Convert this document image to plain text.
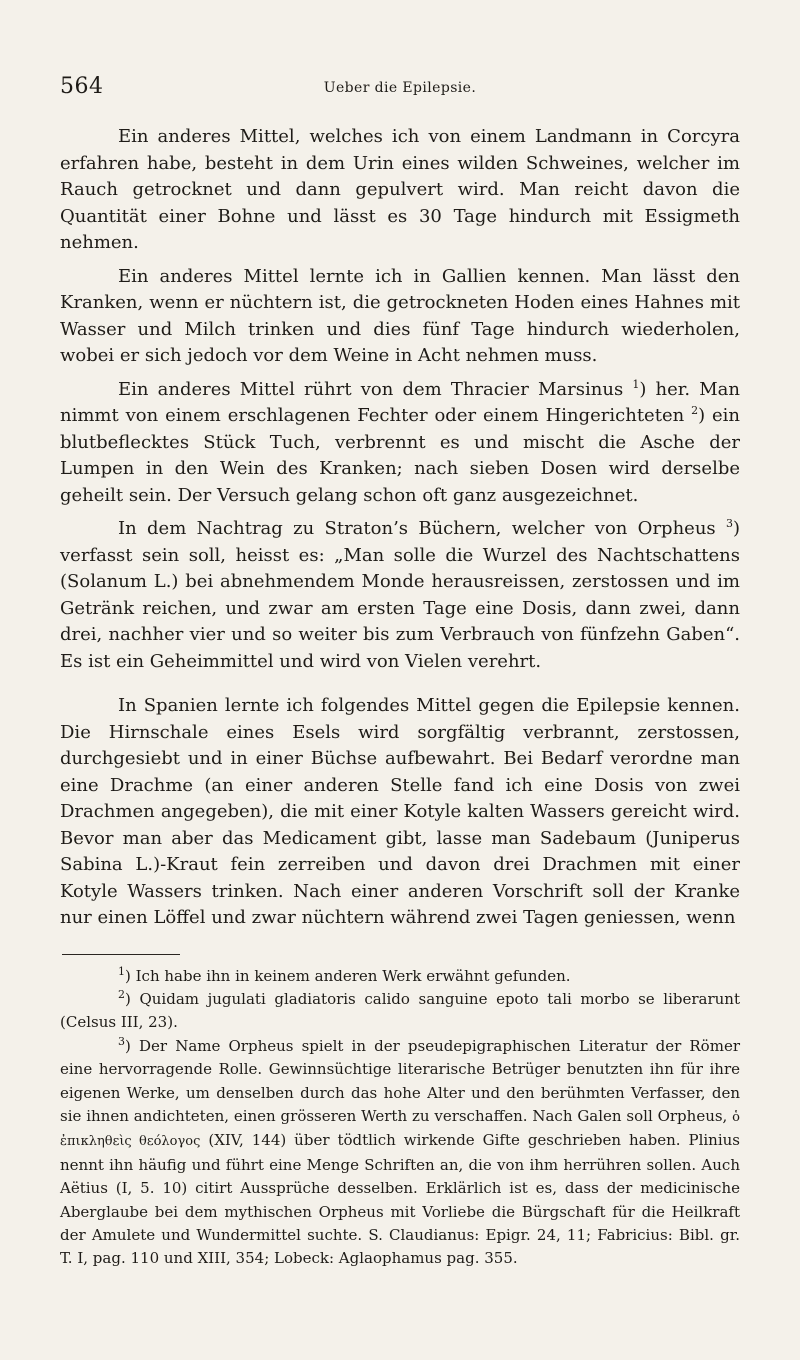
564	Ueber die Epilepsie.

Ein anderes Mittel, welches ich von einem Landmann in Corcyra erfahren habe, besteht in dem Urin eines wilden Schweines, welcher im Rauch getrocknet und dann gepulvert wird. Man reicht davon die Quantität einer Bohne und lässt es 30 Tage hindurch mit Essigmeth nehmen.

Ein anderes Mittel lernte ich in Gallien kennen. Man lässt den Kranken, wenn er nüchtern ist, die getrockneten Hoden eines Hahnes mit Wasser und Milch trinken und dies fünf Tage hindurch wiederholen, wobei er sich jedoch vor dem Weine in Acht nehmen muss.

Ein anderes Mittel rührt von dem Thracier Marsinus $^1$) her. Man nimmt von einem erschlagenen Fechter oder einem Hingerichteten $^2$) ein blutbeflecktes Stück Tuch, verbrennt es und mischt die Asche der Lumpen in den Wein des Kranken; nach sieben Dosen wird derselbe geheilt sein. Der Versuch gelang schon oft ganz ausgezeichnet.

In dem Nachtrag zu Straton’s Büchern, welcher von Orpheus $^3$) verfasst sein soll, heisst es: „Man solle die Wurzel des Nachtschattens (Solanum L.) bei abnehmendem Monde herausreissen, zerstossen und im Getränk reichen, und zwar am ersten Tage eine Dosis, dann zwei, dann drei, nachher vier und so weiter bis zum Verbrauch von fünfzehn Gaben“. Es ist ein Geheimmittel und wird von Vielen verehrt.

In Spanien lernte ich folgendes Mittel gegen die Epilepsie kennen. Die Hirnschale eines Esels wird sorgfältig verbrannt, zerstossen, durchgesiebt und in einer Büchse aufbewahrt. Bei Bedarf verordne man eine Drachme (an einer anderen Stelle fand ich eine Dosis von zwei Drachmen angegeben), die mit einer Kotyle kalten Wassers gereicht wird. Bevor man aber das Medicament gibt, lasse man Sadebaum (Juniperus Sabina L.)-Kraut fein zerreiben und davon drei Drachmen mit einer Kotyle Wassers trinken. Nach einer anderen Vorschrift soll der Kranke nur einen Löffel und zwar nüchtern während zwei Tagen geniessen, wenn

$^1$) Ich habe ihn in keinem anderen Werk erwähnt gefunden.

$^2$) Quidam jugulati gladiatoris calido sanguine epoto tali morbo se liberarunt (Celsus III, 23).

$^3$) Der Name Orpheus spielt in der pseudepigraphischen Literatur der Römer eine hervorragende Rolle. Gewinnsüchtige literarische Betrüger benutzten ihn für ihre eigenen Werke, um denselben durch das hohe Alter und den berühmten Verfasser, den sie ihnen andichteten, einen grösseren Werth zu verschaffen. Nach Galen soll Orpheus, ὁ ἐπικληθεὶς θεόλογος (XIV, 144) über tödtlich wirkende Gifte geschrieben haben. Plinius nennt ihn häufig und führt eine Menge Schriften an, die von ihm herrühren sollen. Auch Aëtius (I, 5. 10) citirt Aussprüche desselben. Erklärlich ist es, dass der medicinische Aberglaube bei dem mythischen Orpheus mit Vorliebe die Bürgschaft für die Heilkraft der Amulete und Wundermittel suchte. S. Claudianus: Epigr. 24, 11; Fabricius: Bibl. gr. T. I, pag. 110 und XIII, 354; Lobeck: Aglaophamus pag. 355.
